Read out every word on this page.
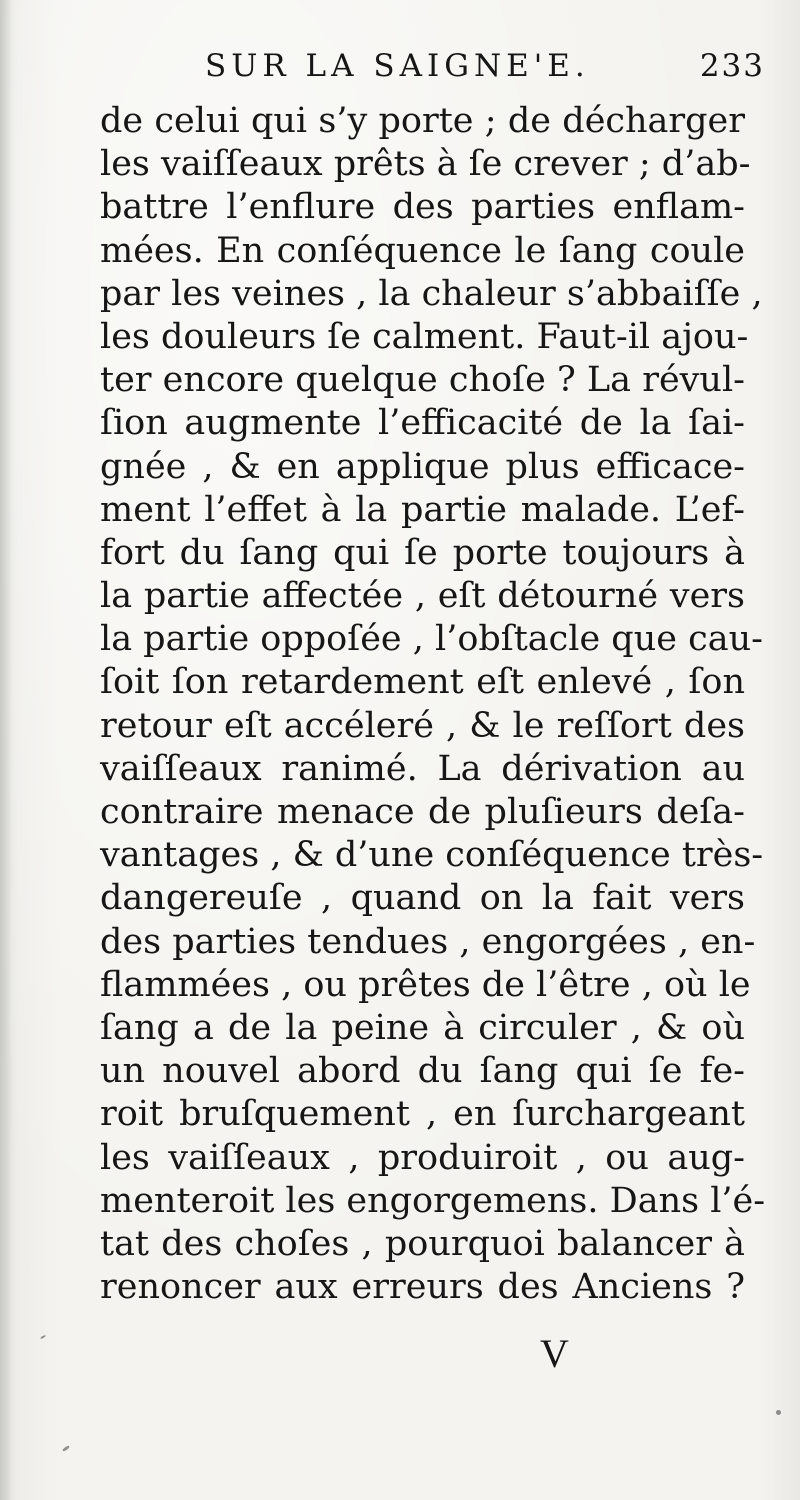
SUR LA SAIGNE'E.	233
de celui qui s’y porte ; de décharger
les vaiſſeaux prêts à ſe crever ; d’ab-
battre l’enflure des parties enflam-
mées. En conſéquence le ſang coule
par les veines , la chaleur s’abbaiſſe ,
les douleurs ſe calment. Faut-il ajou-
ter encore quelque choſe ? La révul-
ſion augmente l’efficacité de la ſai-
gnée , & en applique plus efficace-
ment l’effet à la partie malade. L’ef-
fort du ſang qui ſe porte toujours à
la partie affectée , eſt détourné vers
la partie oppoſée , l’obſtacle que cau-
ſoit ſon retardement eſt enlevé , ſon
retour eſt accéleré , & le reſſort des
vaiſſeaux ranimé. La dérivation au
contraire menace de pluſieurs deſa-
vantages , & d’une conſéquence très-
dangereuſe , quand on la fait vers
des parties tendues , engorgées , en-
flammées , ou prêtes de l’être , où le
ſang a de la peine à circuler , & où
un nouvel abord du ſang qui ſe fe-
roit bruſquement , en ſurchargeant
les vaiſſeaux , produiroit , ou aug-
menteroit les engorgemens. Dans l’é-
tat des choſes , pourquoi balancer à
renoncer aux erreurs des Anciens ?
V
